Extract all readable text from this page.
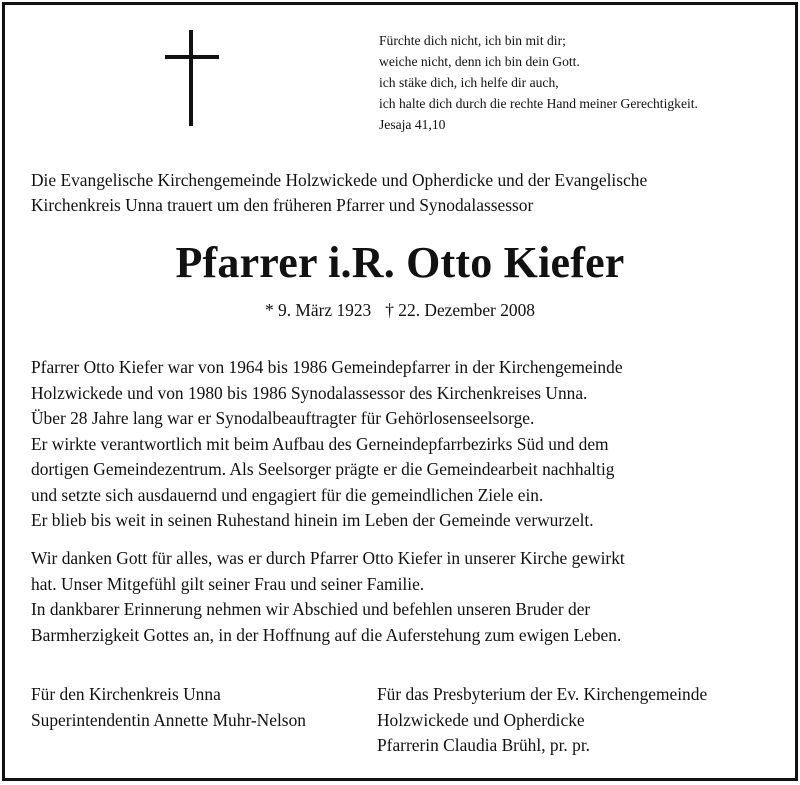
Fürchte dich nicht, ich bin mit dir;
weiche nicht, denn ich bin dein Gott.
ich stäke dich, ich helfe dir auch,
ich halte dich durch die rechte Hand meiner Gerechtigkeit.
Jesaja 41,10
Die Evangelische Kirchengemeinde Holzwickede und Opherdicke und der Evangelische
Kirchenkreis Unna trauert um den früheren Pfarrer und Synodalassessor
Pfarrer i.R. Otto Kiefer
* 9. März 1923 † 22. Dezember 2008
Pfarrer Otto Kiefer war von 1964 bis 1986 Gemeindepfarrer in der Kirchengemeinde
Holzwickede und von 1980 bis 1986 Synodalassessor des Kirchenkreises Unna.
Über 28 Jahre lang war er Synodalbeauftragter für Gehörlosenseelsorge.
Er wirkte verantwortlich mit beim Aufbau des Gerneindepfarrbezirks Süd und dem
dortigen Gemeindezentrum. Als Seelsorger prägte er die Gemeindearbeit nachhaltig
und setzte sich ausdauernd und engagiert für die gemeindlichen Ziele ein.
Er blieb bis weit in seinen Ruhestand hinein im Leben der Gemeinde verwurzelt.
Wir danken Gott für alles, was er durch Pfarrer Otto Kiefer in unserer Kirche gewirkt
hat. Unser Mitgefühl gilt seiner Frau und seiner Familie.
In dankbarer Erinnerung nehmen wir Abschied und befehlen unseren Bruder der
Barmherzigkeit Gottes an, in der Hoffnung auf die Auferstehung zum ewigen Leben.
Für den Kirchenkreis Unna
Superintendentin Annette Muhr-Nelson
Für das Presbyterium der Ev. Kirchengemeinde
Holzwickede und Opherdicke
Pfarrerin Claudia Brühl, pr. pr.
